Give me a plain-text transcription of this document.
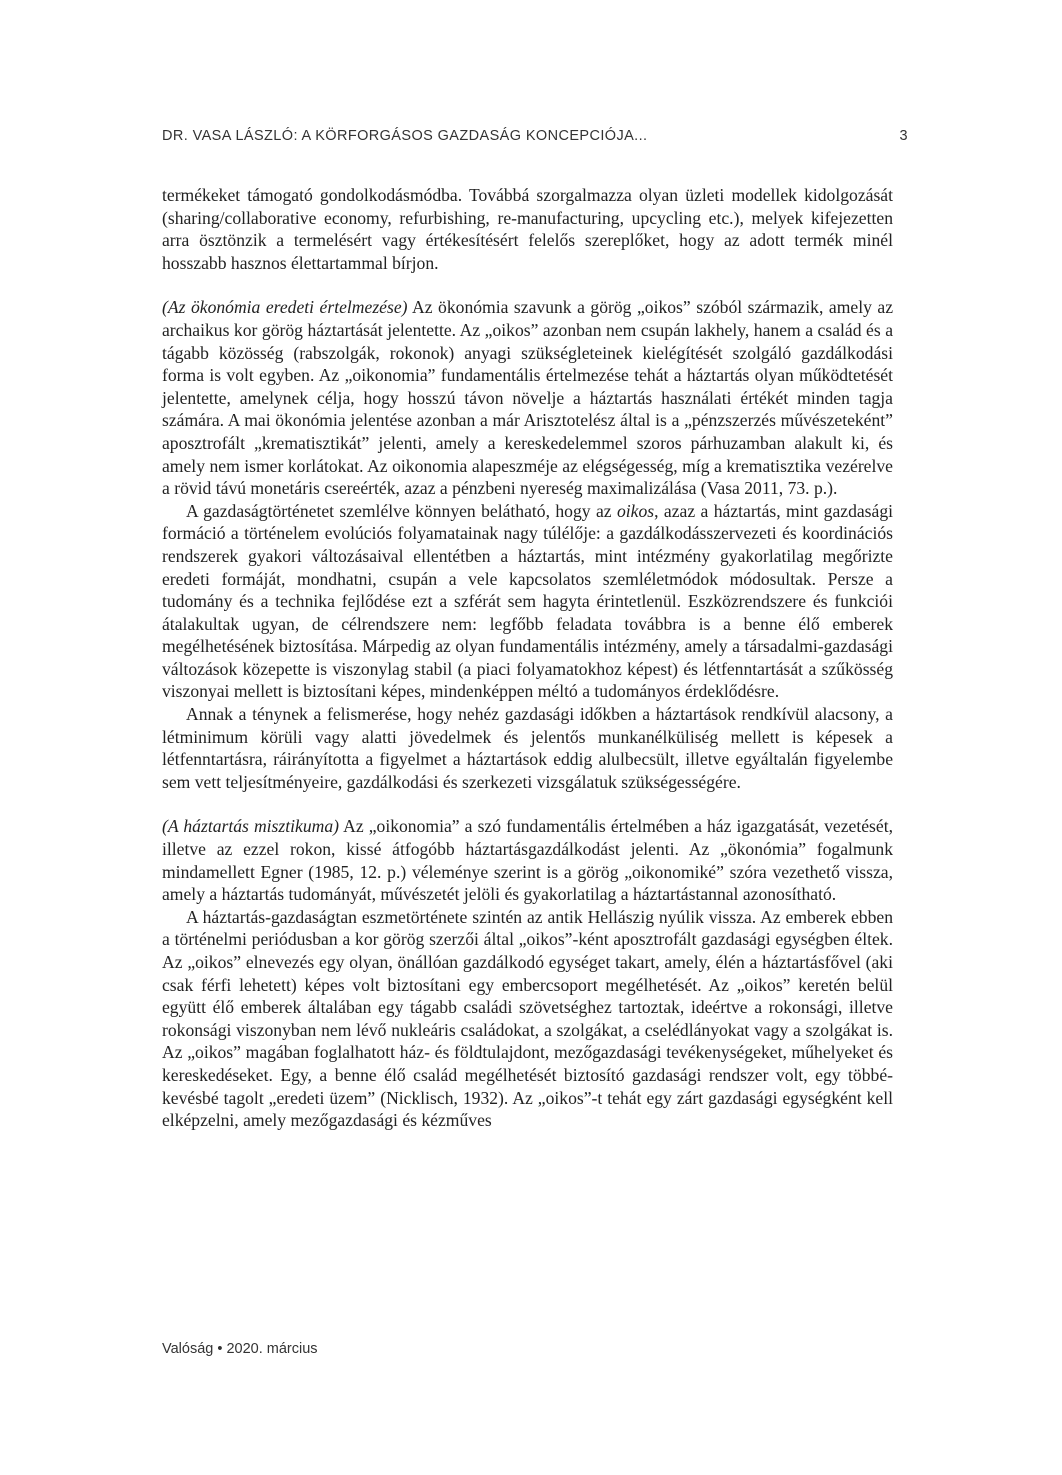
DR. VASA LÁSZLÓ: A KÖRFORGÁSOS GAZDASÁG KONCEPCIÓJA...	3

termékeket támogató gondolkodásmódba. Továbbá szorgalmazza olyan üzleti modellek kidolgozását (sharing/collaborative economy, refurbishing, re-manufacturing, upcycling etc.), melyek kifejezetten arra ösztönzik a termelésért vagy értékesítésért felelős szereplőket, hogy az adott termék minél hosszabb hasznos élettartammal bírjon.

(Az ökonómia eredeti értelmezése) Az ökonómia szavunk a görög „oikos” szóból származik, amely az archaikus kor görög háztartását jelentette. Az „oikos” azonban nem csupán lakhely, hanem a család és a tágabb közösség (rabszolgák, rokonok) anyagi szükségleteinek kielégítését szolgáló gazdálkodási forma is volt egyben. Az „oikonomia” fundamentális értelmezése tehát a háztartás olyan működtetését jelentette, amelynek célja, hogy hosszú távon növelje a háztartás használati értékét minden tagja számára. A mai ökonómia jelentése azonban a már Arisztotelész által is a „pénzszerzés művészeteként” aposztrofált „krematisztikát” jelenti, amely a kereskedelemmel szoros párhuzamban alakult ki, és amely nem ismer korlátokat. Az oikonomia alapeszméje az elégségesség, míg a krematisztika vezérelve a rövid távú monetáris csereérték, azaz a pénzbeni nyereség maximalizálása (Vasa 2011, 73. p.).

A gazdaságtörténetet szemlélve könnyen belátható, hogy az oikos, azaz a háztartás, mint gazdasági formáció a történelem evolúciós folyamatainak nagy túlélője: a gazdálkodásszervezeti és koordinációs rendszerek gyakori változásaival ellentétben a háztartás, mint intézmény gyakorlatilag megőrizte eredeti formáját, mondhatni, csupán a vele kapcsolatos szemléletmódok módosultak. Persze a tudomány és a technika fejlődése ezt a szférát sem hagyta érintetlenül. Eszközrendszere és funkciói átalakultak ugyan, de célrendszere nem: legfőbb feladata továbbra is a benne élő emberek megélhetésének biztosítása. Márpedig az olyan fundamentális intézmény, amely a társadalmi-gazdasági változások közepette is viszonylag stabil (a piaci folyamatokhoz képest) és létfenntartását a szűkösség viszonyai mellett is biztosítani képes, mindenképpen méltó a tudományos érdeklődésre.

Annak a ténynek a felismerése, hogy nehéz gazdasági időkben a háztartások rendkívül alacsony, a létminimum körüli vagy alatti jövedelmek és jelentős munkanélküliség mellett is képesek a létfenntartásra, ráirányította a figyelmet a háztartások eddig alulbecsült, illetve egyáltalán figyelembe sem vett teljesítményeire, gazdálkodási és szerkezeti vizsgálatuk szükségességére.

(A háztartás misztikuma) Az „oikonomia” a szó fundamentális értelmében a ház igazgatását, vezetését, illetve az ezzel rokon, kissé átfogóbb háztartásgazdálkodást jelenti. Az „ökonómia” fogalmunk mindamellett Egner (1985, 12. p.) véleménye szerint is a görög „oikonomiké” szóra vezethető vissza, amely a háztartás tudományát, művészetét jelöli és gyakorlatilag a háztartástannal azonosítható.

A háztartás-gazdaságtan eszmetörténete szintén az antik Hellászig nyúlik vissza. Az emberek ebben a történelmi periódusban a kor görög szerzői által „oikos”-ként aposztrofált gazdasági egységben éltek. Az „oikos” elnevezés egy olyan, önállóan gazdálkodó egységet takart, amely, élén a háztartásfővel (aki csak férfi lehetett) képes volt biztosítani egy embercsoport megélhetését. Az „oikos” keretén belül együtt élő emberek általában egy tágabb családi szövetséghez tartoztak, ideértve a rokonsági, illetve rokonsági viszonyban nem lévő nukleáris családokat, a szolgákat, a cselédlányokat vagy a szolgákat is. Az „oikos” magában foglalhatott ház- és földtulajdont, mezőgazdasági tevékenységeket, műhelyeket és kereskedéseket. Egy, a benne élő család megélhetését biztosító gazdasági rendszer volt, egy többé-kevésbé tagolt „eredeti üzem” (Nicklisch, 1932). Az „oikos”-t tehát egy zárt gazdasági egységként kell elképzelni, amely mezőgazdasági és kézműves

Valóság • 2020. március
